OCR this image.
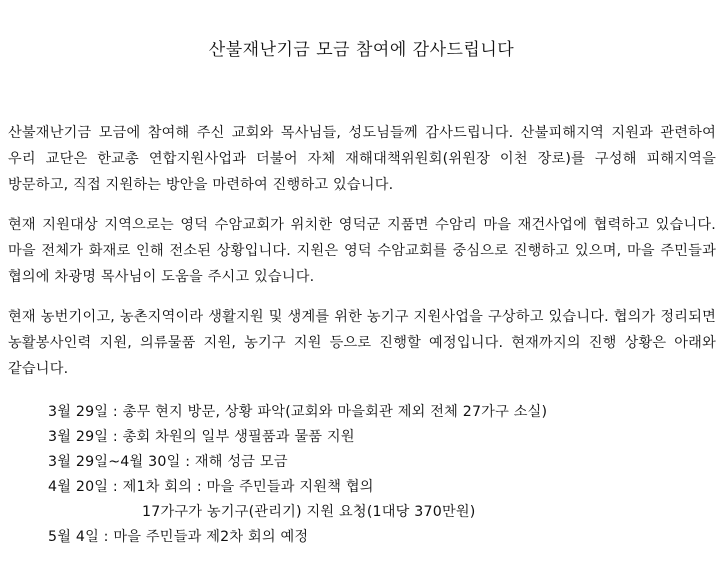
산불재난기금 모금 참여에 감사드립니다

산불재난기금 모금에 참여해 주신 교회와 목사님들, 성도님들께 감사드립니다. 산불피해지역 지원과 관련하여 우리 교단은 한교총 연합지원사업과 더불어 자체 재해대책위원회(위원장 이천 장로)를 구성해 피해지역을 방문하고, 직접 지원하는 방안을 마련하여 진행하고 있습니다.

현재 지원대상 지역으로는 영덕 수암교회가 위치한 영덕군 지품면 수암리 마을 재건사업에 협력하고 있습니다. 마을 전체가 화재로 인해 전소된 상황입니다. 지원은 영덕 수암교회를 중심으로 진행하고 있으며, 마을 주민들과 협의에 차광명 목사님이 도움을 주시고 있습니다.

현재 농번기이고, 농촌지역이라 생활지원 및 생계를 위한 농기구 지원사업을 구상하고 있습니다. 협의가 정리되면 농활봉사인력 지원, 의류물품 지원, 농기구 지원 등으로 진행할 예정입니다. 현재까지의 진행 상황은 아래와 같습니다.

3월 29일 : 총무 현지 방문, 상황 파악(교회와 마을회관 제외 전체 27가구 소실)
3월 29일 : 총회 차원의 일부 생필품과 물품 지원
3월 29일~4월 30일 : 재해 성금 모금
4월 20일 : 제1차 회의 : 마을 주민들과 지원책 협의
17가구가 농기구(관리기) 지원 요청(1대당 370만원)
5월 4일 : 마을 주민들과 제2차 회의 예정
